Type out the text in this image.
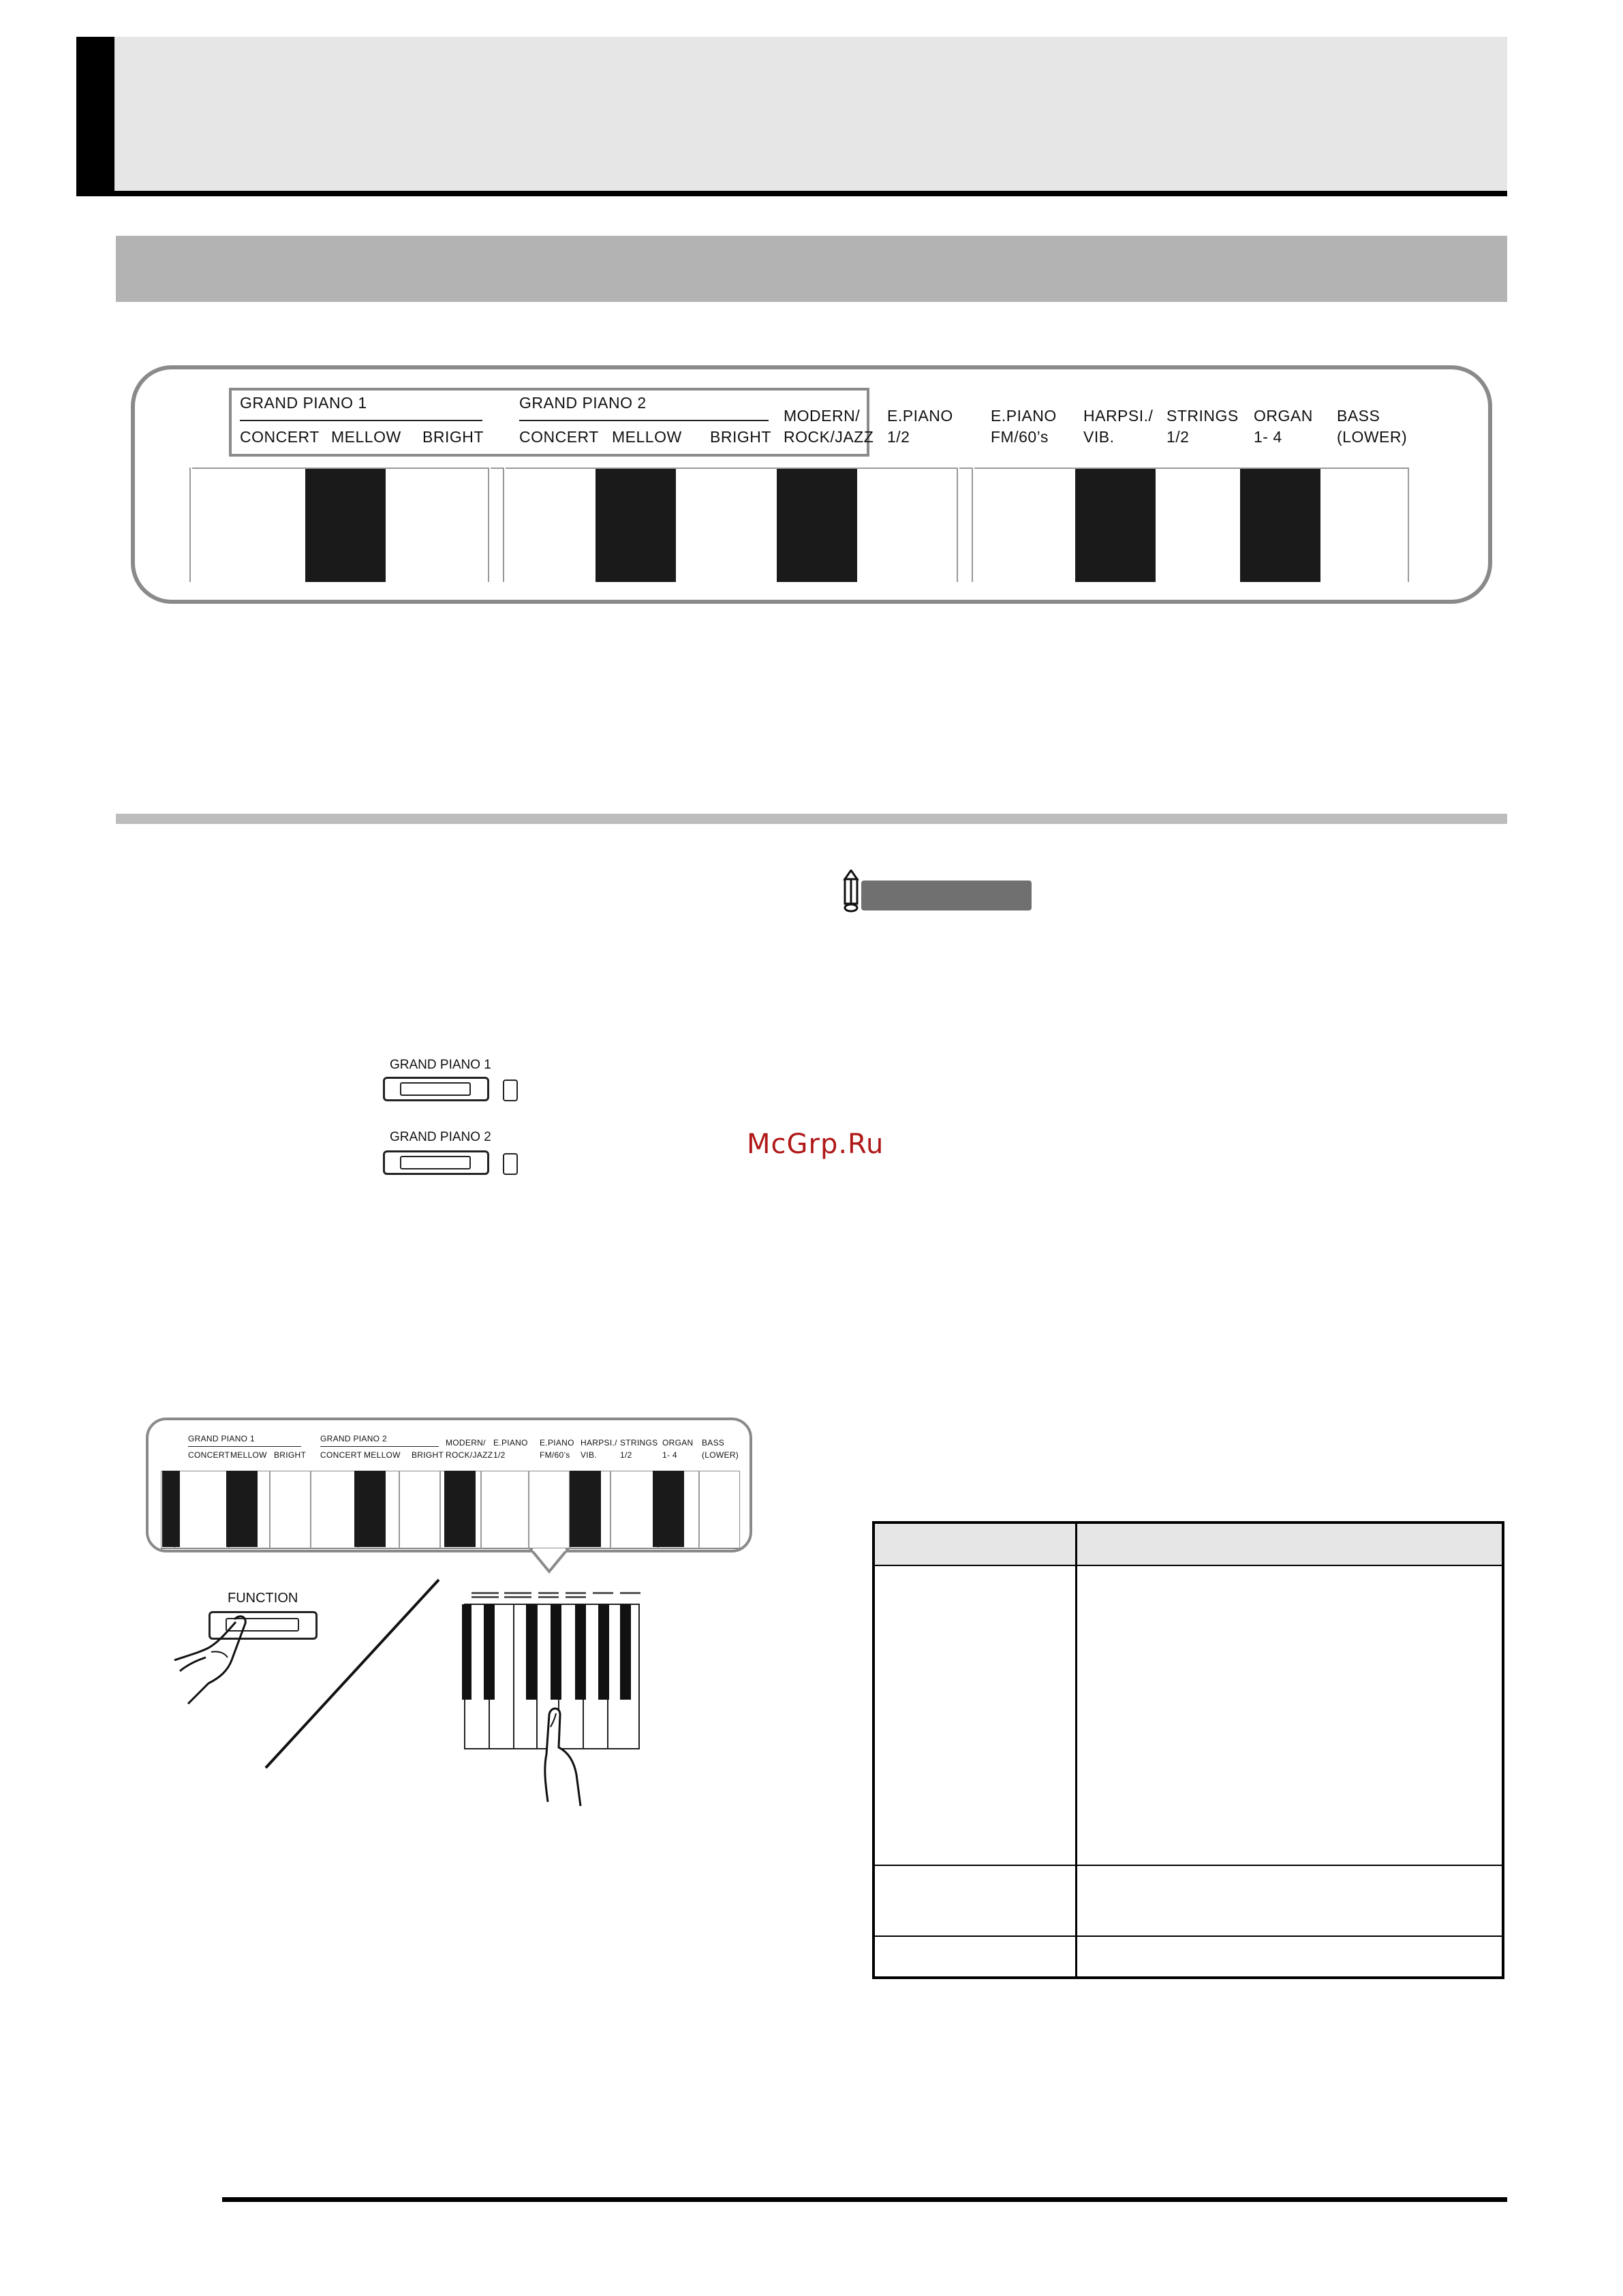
GRAND PIANO 1
CONCERT MELLOW BRIGHT
GRAND PIANO 2
CONCERT MELLOW BRIGHT
MODERN/
ROCK/JAZZ
E.PIANO
1/2
E.PIANO
FM/60’s
HARPSI./
VIB.
STRINGS
1/2
ORGAN
1- 4
BASS
(LOWER)
GRAND PIANO 1
GRAND PIANO 2	McGrp.Ru
GRAND PIANO 1
CONCERT MELLOW BRIGHT
GRAND PIANO 2
CONCERT MELLOW BRIGHT
MODERN/
ROCK/JAZZ
E.PIANO
1/2
E.PIANO
FM/60’s
HARPSI./
VIB.
STRINGS
1/2
ORGAN
1- 4
BASS
(LOWER)
FUNCTION
